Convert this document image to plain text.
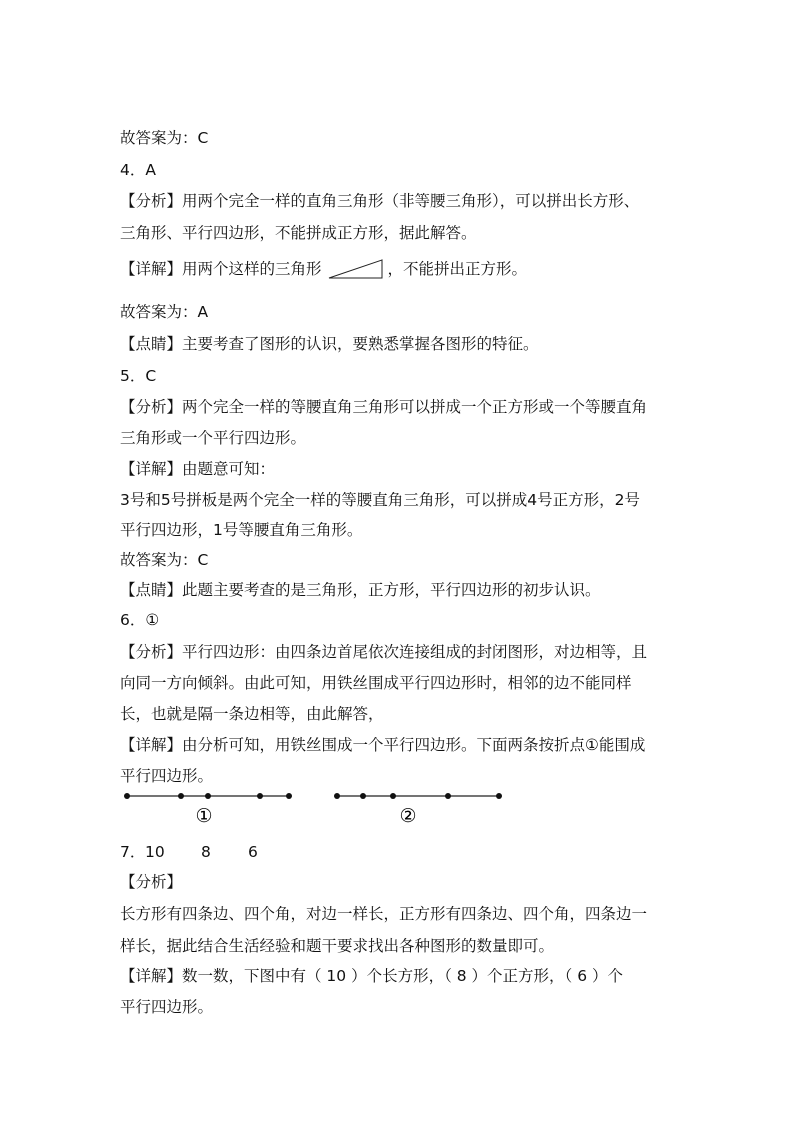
故答案为：C
4．A
【分析】用两个完全一样的直角三角形（非等腰三角形），可以拼出长方形、
三角形、平行四边形，不能拼成正方形，据此解答。
【详解】用两个这样的三角形	，不能拼出正方形。
故答案为：A
【点睛】主要考查了图形的认识，要熟悉掌握各图形的特征。
5．C
【分析】两个完全一样的等腰直角三角形可以拼成一个正方形或一个等腰直角
三角形或一个平行四边形。
【详解】由题意可知：
3号和5号拼板是两个完全一样的等腰直角三角形，可以拼成4号正方形，2号
平行四边形，1号等腰直角三角形。
故答案为：C
【点睛】此题主要考查的是三角形，正方形，平行四边形的初步认识。
6．①
【分析】平行四边形：由四条边首尾依次连接组成的封闭图形，对边相等，且
向同一方向倾斜。由此可知，用铁丝围成平行四边形时，相邻的边不能同样
长，也就是隔一条边相等，由此解答，
【详解】由分析可知，用铁丝围成一个平行四边形。下面两条按折点①能围成
平行四边形。
①	②
7． 10 8 6
【分析】
长方形有四条边、四个角，对边一样长，正方形有四条边、四个角，四条边一
样长，据此结合生活经验和题干要求找出各种图形的数量即可。
【详解】数一数，下图中有（ 10 ）个长方形，（ 8 ）个正方形，（ 6 ）个
平行四边形。
